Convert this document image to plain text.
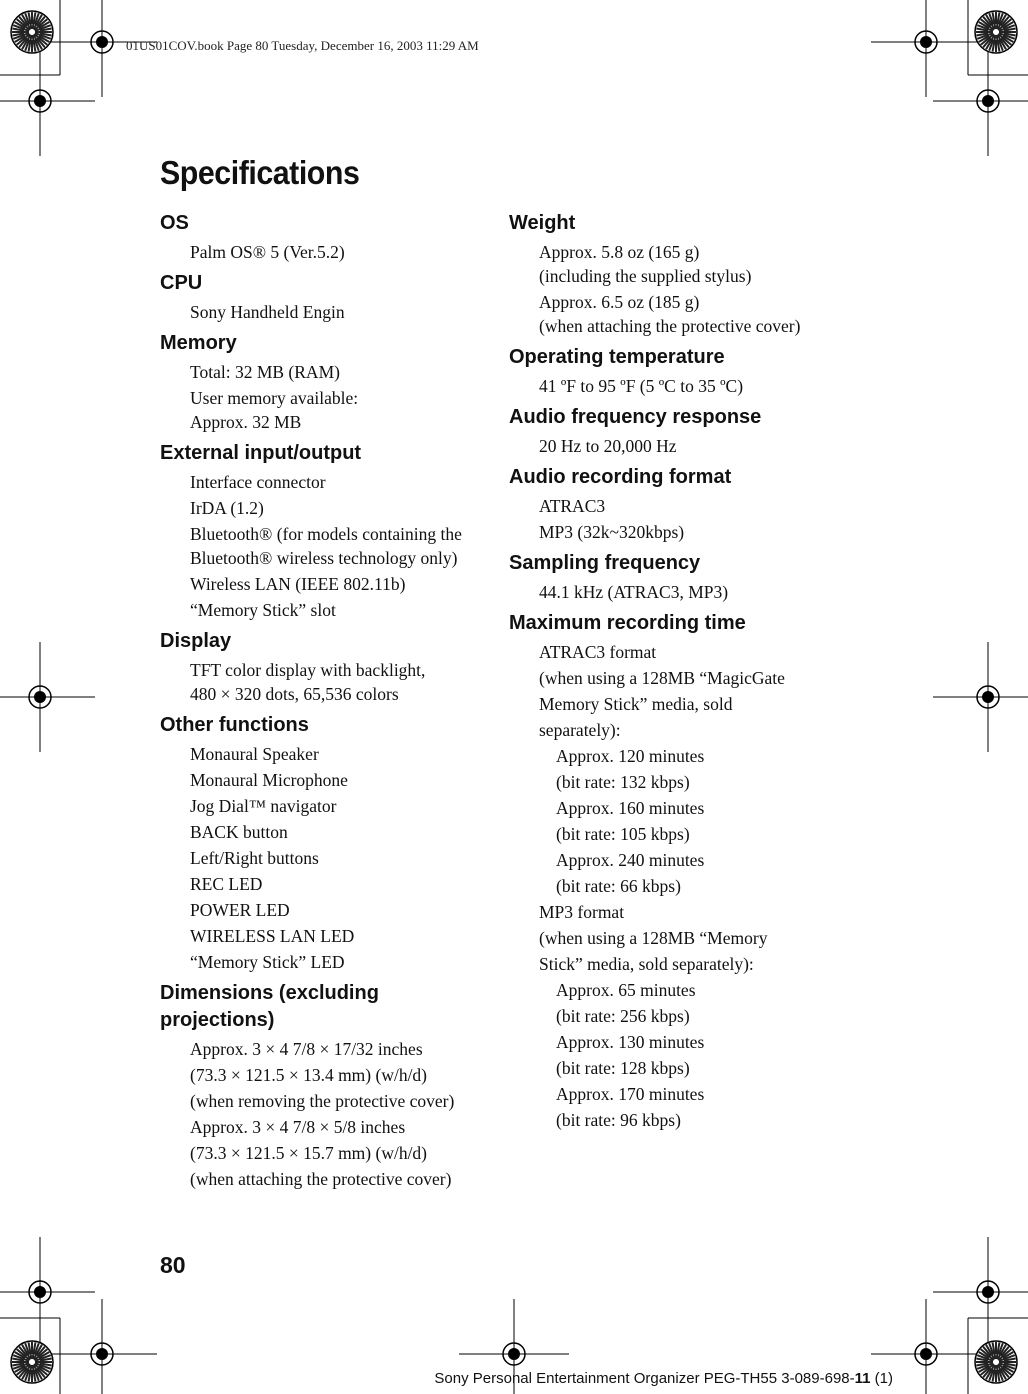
01US01COV.book Page 80 Tuesday, December 16, 2003 11:29 AM
Specifications
OS
Palm OS® 5 (Ver.5.2)
CPU
Sony Handheld Engin
Memory
Total: 32 MB (RAM)
User memory available:
Approx. 32 MB
External input/output
Interface connector
IrDA (1.2)
Bluetooth® (for models containing the
Bluetooth® wireless technology only)
Wireless LAN (IEEE 802.11b)
“Memory Stick” slot
Display
TFT color display with backlight,
480 × 320 dots, 65,536 colors
Other functions
Monaural Speaker
Monaural Microphone
Jog Dial™ navigator
BACK button
Left/Right buttons
REC LED
POWER LED
WIRELESS LAN LED
“Memory Stick” LED
Dimensions (excluding projections)
Approx. 3 × 4 7/8 × 17/32 inches
(73.3 × 121.5 × 13.4 mm) (w/h/d)
(when removing the protective cover)
Approx. 3 × 4 7/8 × 5/8 inches
(73.3 × 121.5 × 15.7 mm) (w/h/d)
(when attaching the protective cover)
Weight
Approx. 5.8 oz (165 g)
(including the supplied stylus)
Approx. 6.5 oz (185 g)
(when attaching the protective cover)
Operating temperature
41 ºF to 95 ºF (5 ºC to 35 ºC)
Audio frequency response
20 Hz to 20,000 Hz
Audio recording format
ATRAC3
MP3 (32k~320kbps)
Sampling frequency
44.1 kHz (ATRAC3, MP3)
Maximum recording time
ATRAC3 format
(when using a 128MB “MagicGate
Memory Stick” media, sold
separately):
Approx. 120 minutes
(bit rate: 132 kbps)
Approx. 160 minutes
(bit rate: 105 kbps)
Approx. 240 minutes
(bit rate: 66 kbps)
MP3 format
(when using a 128MB “Memory
Stick” media, sold separately):
Approx. 65 minutes
(bit rate: 256 kbps)
Approx. 130 minutes
(bit rate: 128 kbps)
Approx. 170 minutes
(bit rate: 96 kbps)
80
Sony Personal Entertainment Organizer PEG-TH55 3-089-698-11 (1)
